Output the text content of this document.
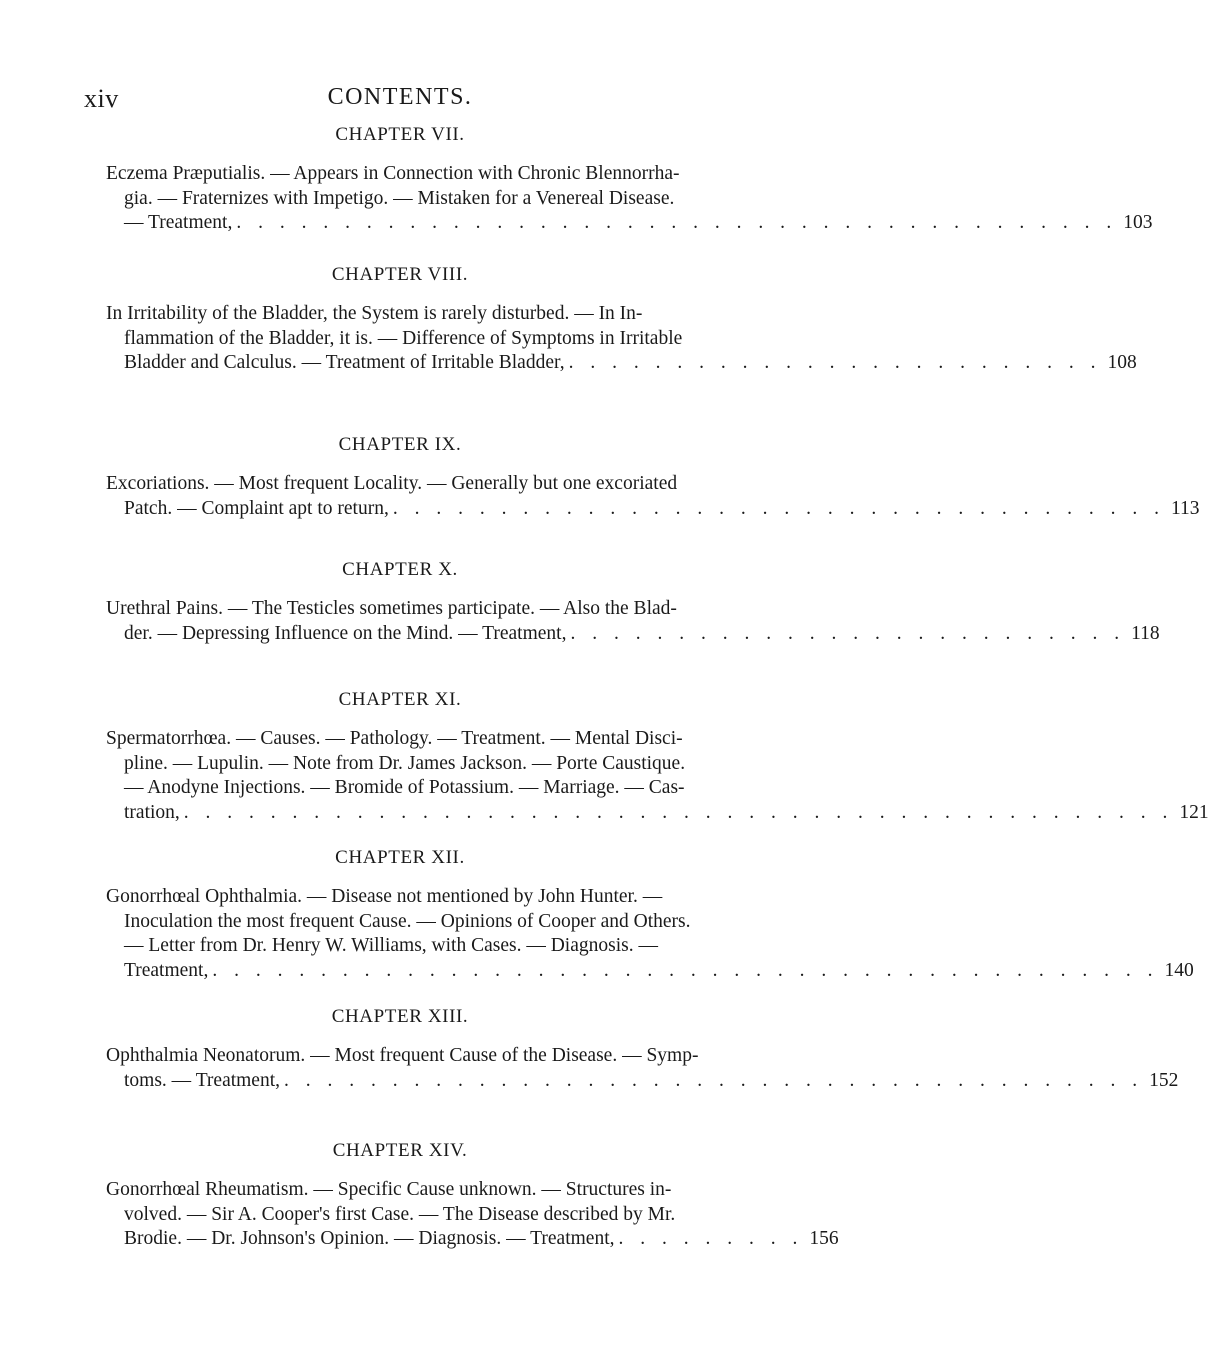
xiv	CONTENTS.
CHAPTER VII.
Eczema Præputialis. — Appears in Connection with Chronic Blennorrha-
gia. — Fraternizes with Impetigo. — Mistaken for a Venereal Disease.
— Treatment, . . . . . . . . . . . . . . . . . . . . . . . . . . . . . . . . . . . . . . . . . 103
CHAPTER VIII.
In Irritability of the Bladder, the System is rarely disturbed. — In In-
flammation of the Bladder, it is. — Difference of Symptoms in Irritable
Bladder and Calculus. — Treatment of Irritable Bladder, . . . . . . . . . . . . . . . . . . . . . . . . . 108
CHAPTER IX.
Excoriations. — Most frequent Locality. — Generally but one excoriated
Patch. — Complaint apt to return, . . . . . . . . . . . . . . . . . . . . . . . . . . . . . . . . . . . . 113
CHAPTER X.
Urethral Pains. — The Testicles sometimes participate. — Also the Blad-
der. — Depressing Influence on the Mind. — Treatment, . . . . . . . . . . . . . . . . . . . . . . . . . . 118
CHAPTER XI.
Spermatorrhœa. — Causes. — Pathology. — Treatment. — Mental Disci-
pline. — Lupulin. — Note from Dr. James Jackson. — Porte Caustique.
— Anodyne Injections. — Bromide of Potassium. — Marriage. — Cas-
tration, . . . . . . . . . . . . . . . . . . . . . . . . . . . . . . . . . . . . . . . . . . . . . . 121
CHAPTER XII.
Gonorrhœal Ophthalmia. — Disease not mentioned by John Hunter. —
Inoculation the most frequent Cause. — Opinions of Cooper and Others.
— Letter from Dr. Henry W. Williams, with Cases. — Diagnosis. —
Treatment, . . . . . . . . . . . . . . . . . . . . . . . . . . . . . . . . . . . . . . . . . . . . 140
CHAPTER XIII.
Ophthalmia Neonatorum. — Most frequent Cause of the Disease. — Symp-
toms. — Treatment, . . . . . . . . . . . . . . . . . . . . . . . . . . . . . . . . . . . . . . . . 152
CHAPTER XIV.
Gonorrhœal Rheumatism. — Specific Cause unknown. — Structures in-
volved. — Sir A. Cooper's first Case. — The Disease described by Mr.
Brodie. — Dr. Johnson's Opinion. — Diagnosis. — Treatment, . . . . . . . . . 156
